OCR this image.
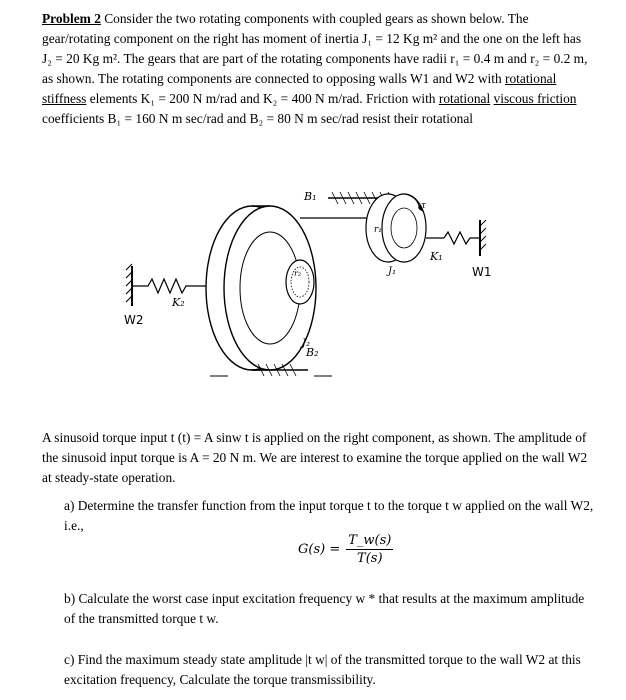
Problem 2 Consider the two rotating components with coupled gears as shown below. The gear/rotating component on the right has moment of inertia J₁ = 12 Kg m² and the one on the left has J₂ = 20 Kg m². The gears that are part of the rotating components have radii r₁ = 0.4 m and r₂ = 0.2 m, as shown. The rotating components are connected to opposing walls W1 and W2 with rotational stiffness elements K₁ = 200 N m/rad and K₂ = 400 N m/rad. Friction with rotational viscous friction coefficients B₁ = 160 N m sec/rad and B₂ = 80 N m sec/rad resist their rotational
B₁
B₂
K₁
K₂
J₁
J₂
r₁
r₂
τ
W1
W2
A sinusoid torque input t (t) = A sinw t is applied on the right component, as shown. The amplitude of the sinusoid input torque is A = 20 N m. We are interest to examine the torque applied on the wall W2 at steady-state operation.
a) Determine the transfer function from the input torque t to the torque t w applied on the wall W2, i.e.,
$G(s) = \frac{T\_w(s)}{T(s)}$
b) Calculate the worst case input excitation frequency w * that results at the maximum amplitude of the transmitted torque t w.
c) Find the maximum steady state amplitude |t w| of the transmitted torque to the wall W2 at this excitation frequency, Calculate the torque transmissibility.
